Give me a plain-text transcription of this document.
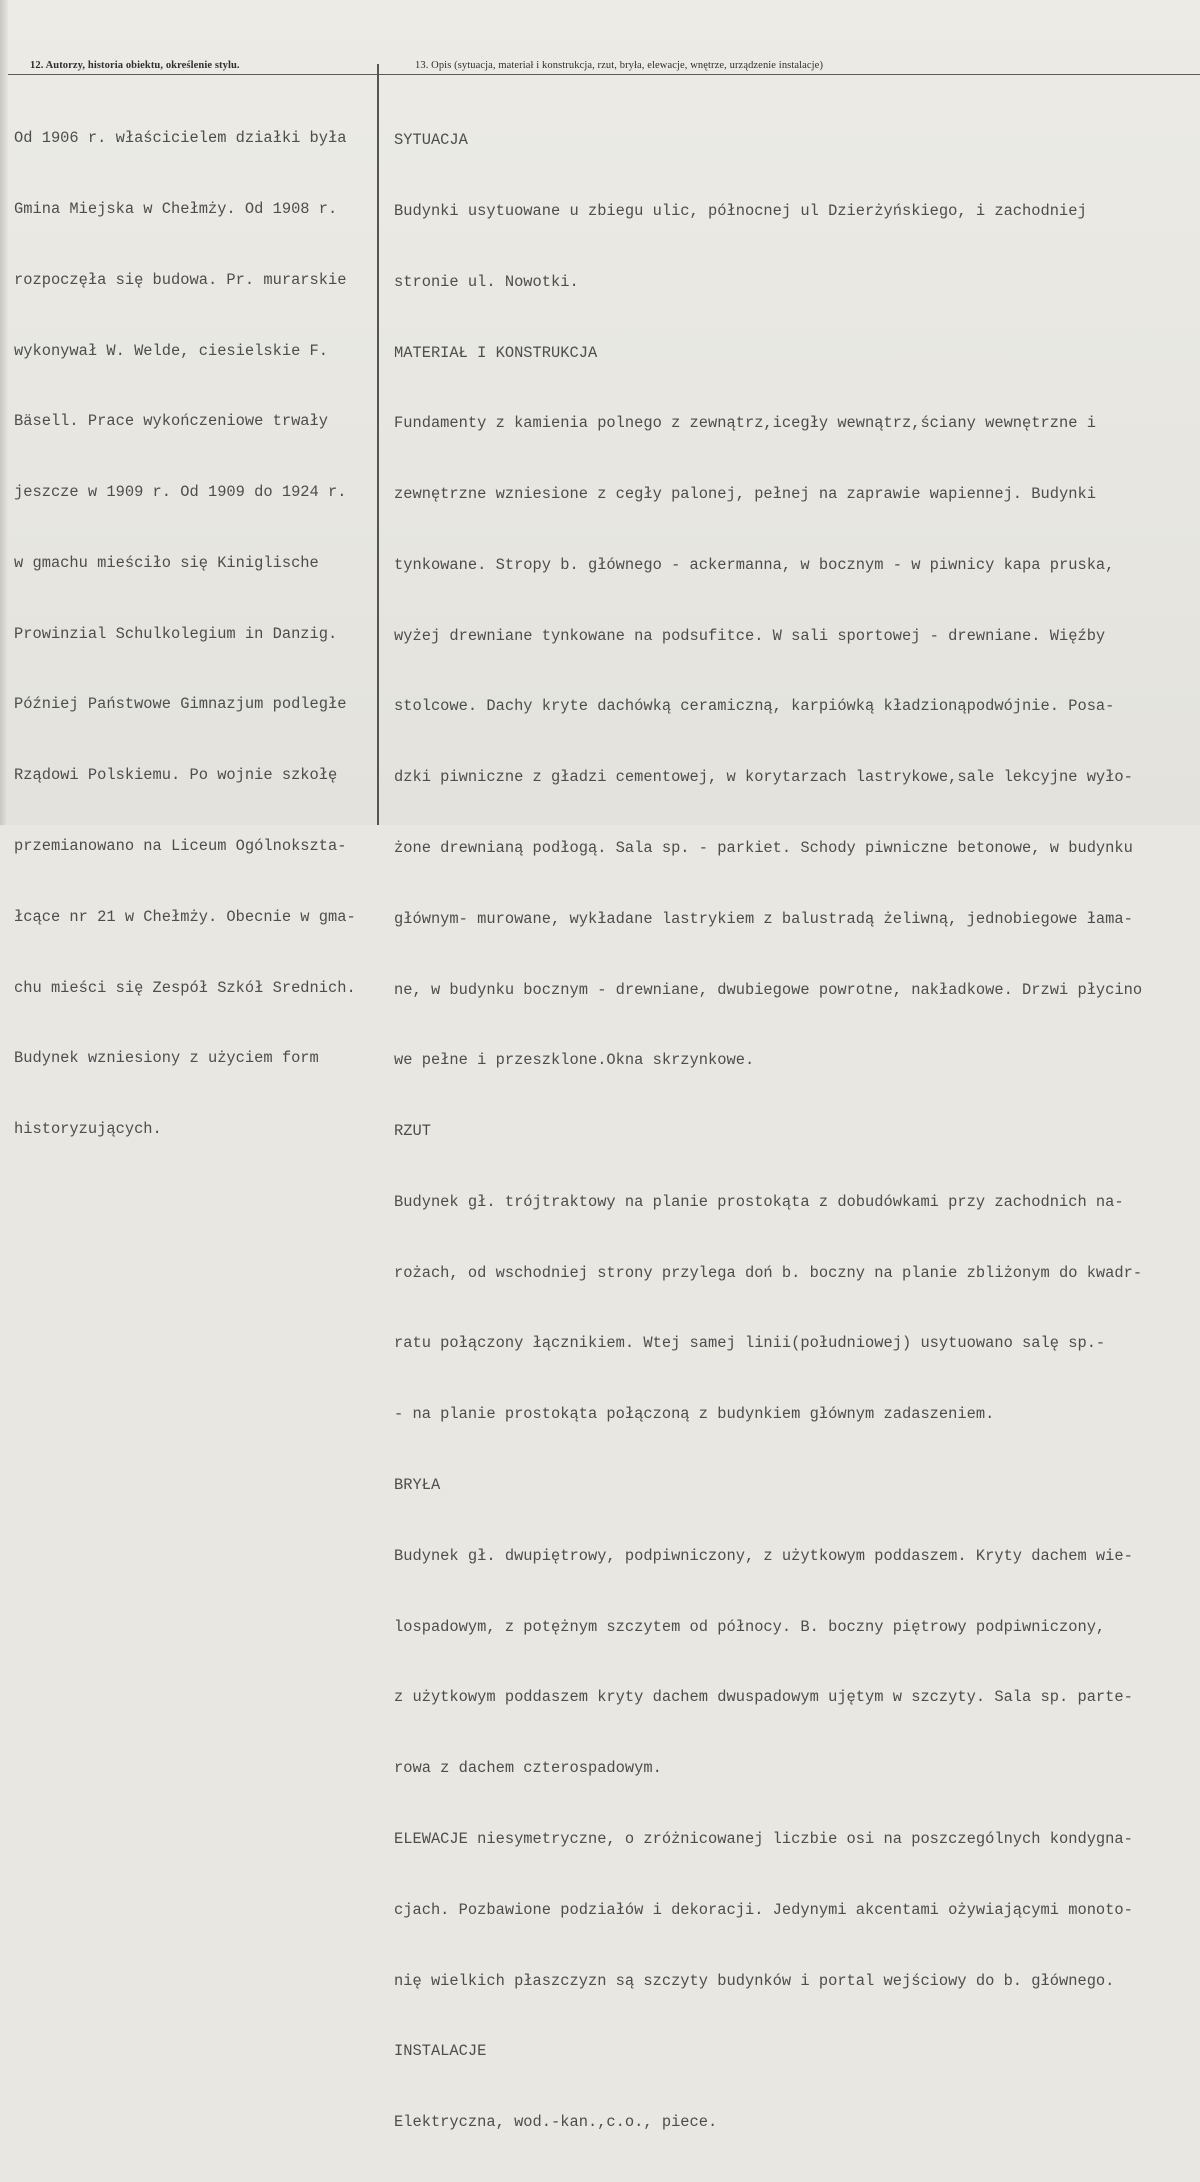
12. Autorzy, historia obiektu, określenie stylu.	13. Opis (sytuacja, materiał i konstrukcja, rzut, bryła, elewacje, wnętrze, urządzenie instalacje)

Od 1906 r. właścicielem działki była

Gmina Miejska w Chełmży. Od 1908 r.

rozpoczęła się budowa. Pr. murarskie

wykonywał W. Welde, ciesielskie F.

Bäsell. Prace wykończeniowe trwały

jeszcze w 1909 r. Od 1909 do 1924 r.

w gmachu mieściło się Kiniglische

Prowinzial Schulkolegium in Danzig.

Później Państwowe Gimnazjum podległe

Rządowi Polskiemu. Po wojnie szkołę

przemianowano na Liceum Ogólnokszta-

łcące nr 21 w Chełmży. Obecnie w gma-

chu mieści się Zespół Szkół Srednich.

Budynek wzniesiony z użyciem form

historyzujących.

SYTUACJA

Budynki usytuowane u zbiegu ulic, północnej ul Dzierżyńskiego, i zachodniej

stronie ul. Nowotki.

MATERIAŁ I KONSTRUKCJA

Fundamenty z kamienia polnego z zewnątrz,icegły wewnątrz,ściany wewnętrzne i

zewnętrzne wzniesione z cegły palonej, pełnej na zaprawie wapiennej. Budynki

tynkowane. Stropy b. głównego - ackermanna, w bocznym - w piwnicy kapa pruska,

wyżej drewniane tynkowane na podsufitce. W sali sportowej - drewniane. Więźby

stolcowe. Dachy kryte dachówką ceramiczną, karpiówką kładzionąpodwójnie. Posa-

dzki piwniczne z gładzi cementowej, w korytarzach lastrykowe,sale lekcyjne wyło-

żone drewnianą podłogą. Sala sp. - parkiet. Schody piwniczne betonowe, w budynku

głównym- murowane, wykładane lastrykiem z balustradą żeliwną, jednobiegowe łama-

ne, w budynku bocznym - drewniane, dwubiegowe powrotne, nakładkowe. Drzwi płycino

we pełne i przeszklone.Okna skrzynkowe.

RZUT

Budynek gł. trójtraktowy na planie prostokąta z dobudówkami przy zachodnich na-

rożach, od wschodniej strony przylega doń b. boczny na planie zbliżonym do kwadr-

ratu połączony łącznikiem. Wtej samej linii(południowej) usytuowano salę sp.-

- na planie prostokąta połączoną z budynkiem głównym zadaszeniem.

BRYŁA

Budynek gł. dwupiętrowy, podpiwniczony, z użytkowym poddaszem. Kryty dachem wie-

lospadowym, z potężnym szczytem od północy. B. boczny piętrowy podpiwniczony,

z użytkowym poddaszem kryty dachem dwuspadowym ujętym w szczyty. Sala sp. parte-

rowa z dachem czterospadowym.

ELEWACJE niesymetryczne, o zróżnicowanej liczbie osi na poszczególnych kondygna-

cjach. Pozbawione podziałów i dekoracji. Jedynymi akcentami ożywiającymi monoto-

nię wielkich płaszczyzn są szczyty budynków i portal wejściowy do b. głównego.

INSTALACJE

Elektryczna, wod.-kan.,c.o., piece.
